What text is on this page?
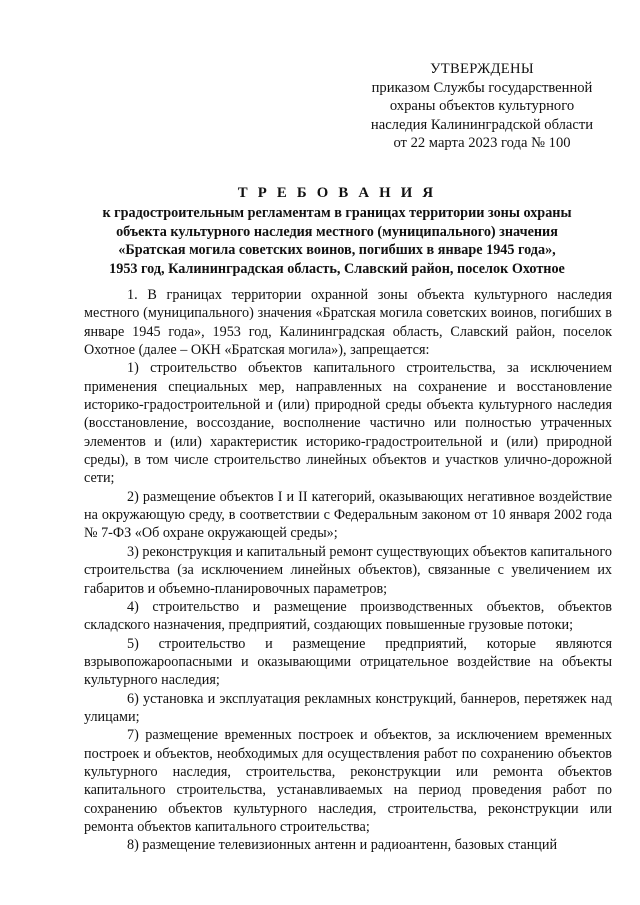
УТВЕРЖДЕНЫ
приказом Службы государственной
охраны объектов культурного
наследия Калининградской области
от 22 марта 2023 года № 100
Т Р Е Б О В А Н И Я
к градостроительным регламентам в границах территории зоны охраны
объекта культурного наследия местного (муниципального) значения
«Братская могила советских воинов, погибших в январе 1945 года»,
1953 год, Калининградская область, Славский район, поселок Охотное

1. В границах территории охранной зоны объекта культурного наследия местного (муниципального) значения «Братская могила советских воинов, погибших в январе 1945 года», 1953 год, Калининградская область, Славский район, поселок Охотное (далее – ОКН «Братская могила»), запрещается:

1) строительство объектов капитального строительства, за исключением применения специальных мер, направленных на сохранение и восстановление историко-градостроительной и (или) природной среды объекта культурного наследия (восстановление, воссоздание, восполнение частично или полностью утраченных элементов и (или) характеристик историко-градостроительной и (или) природной среды), в том числе строительство линейных объектов и участков улично-дорожной сети;

2) размещение объектов I и II категорий, оказывающих негативное воздействие на окружающую среду, в соответствии с Федеральным законом от 10 января 2002 года № 7-ФЗ «Об охране окружающей среды»;

3) реконструкция и капитальный ремонт существующих объектов капитального строительства (за исключением линейных объектов), связанные с увеличением их габаритов и объемно-планировочных параметров;

4) строительство и размещение производственных объектов, объектов складского назначения, предприятий, создающих повышенные грузовые потоки;

5) строительство и размещение предприятий, которые являются взрывопожароопасными и оказывающими отрицательное воздействие на объекты культурного наследия;

6) установка и эксплуатация рекламных конструкций, баннеров, перетяжек над улицами;

7) размещение временных построек и объектов, за исключением временных построек и объектов, необходимых для осуществления работ по сохранению объектов культурного наследия, строительства, реконструкции или ремонта объектов капитального строительства, устанавливаемых на период проведения работ по сохранению объектов культурного наследия, строительства, реконструкции или ремонта объектов капитального строительства;

8) размещение телевизионных антенн и радиоантенн, базовых станций
